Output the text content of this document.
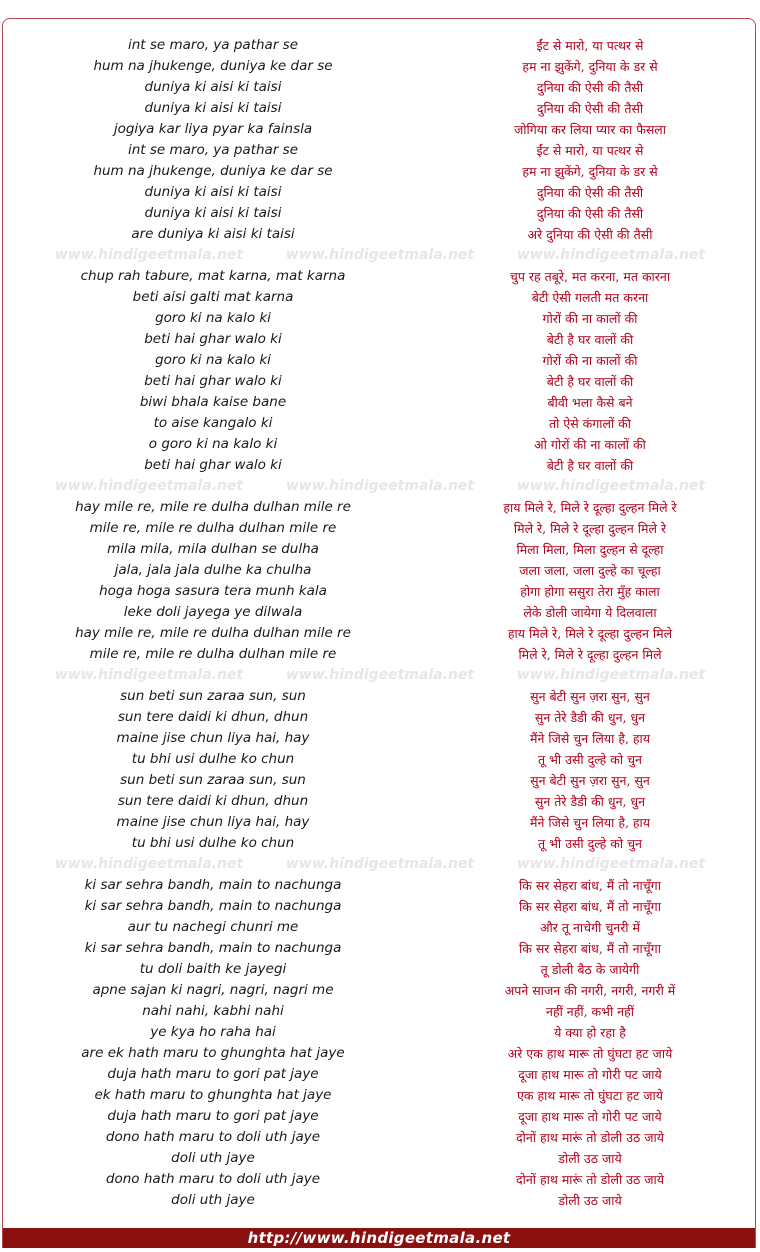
int se maro, ya pathar se	ईंट से मारो, या पत्थर से
hum na jhukenge, duniya ke dar se	हम ना झुकेंगे, दुनिया के डर से
duniya ki aisi ki taisi	दुनिया की ऐसी की तैसी
duniya ki aisi ki taisi	दुनिया की ऐसी की तैसी
jogiya kar liya pyar ka fainsla	जोगिया कर लिया प्यार का फैसला
int se maro, ya pathar se	ईंट से मारो, या पत्थर से
hum na jhukenge, duniya ke dar se	हम ना झुकेंगे, दुनिया के डर से
duniya ki aisi ki taisi	दुनिया की ऐसी की तैसी
duniya ki aisi ki taisi	दुनिया की ऐसी की तैसी
are duniya ki aisi ki taisi	अरे दुनिया की ऐसी की तैसी
www.hindigeetmala.net	www.hindigeetmala.net	www.hindigeetmala.net
chup rah tabure, mat karna, mat karna	चुप रह तबूरे, मत करना, मत कारना
beti aisi galti mat karna	बेटी ऐसी गलती मत करना
goro ki na kalo ki	गोरों की ना कालों की
beti hai ghar walo ki	बेटी है घर वालों की
goro ki na kalo ki	गोरों की ना कालों की
beti hai ghar walo ki	बेटी है घर वालों की
biwi bhala kaise bane	बीवी भला कैसे बने
to aise kangalo ki	तो ऐसे कंगालों की
o goro ki na kalo ki	ओ गोरों की ना कालों की
beti hai ghar walo ki	बेटी है घर वालों की
www.hindigeetmala.net	www.hindigeetmala.net	www.hindigeetmala.net
hay mile re, mile re dulha dulhan mile re	हाय मिले रे, मिले रे दूल्हा दुल्हन मिले रे
mile re, mile re dulha dulhan mile re	मिले रे, मिले रे दूल्हा दुल्हन मिले रे
mila mila, mila dulhan se dulha	मिला मिला, मिला दुल्हन से दूल्हा
jala, jala jala dulhe ka chulha	जला जला, जला दुल्हे का चूल्हा
hoga hoga sasura tera munh kala	होगा होगा ससुरा तेरा मुँह काला
leke doli jayega ye dilwala	लेके डोली जायेगा ये दिलवाला
hay mile re, mile re dulha dulhan mile re	हाय मिले रे, मिले रे दूल्हा दुल्हन मिले
mile re, mile re dulha dulhan mile re	मिले रे, मिले रे दूल्हा दुल्हन मिले
www.hindigeetmala.net	www.hindigeetmala.net	www.hindigeetmala.net
sun beti sun zaraa sun, sun	सुन बेटी सुन ज़रा सुन, सुन
sun tere daidi ki dhun, dhun	सुन तेरे डैडी की धुन, धुन
maine jise chun liya hai, hay	मैंने जिसे चुन लिया है, हाय
tu bhi usi dulhe ko chun	तू भी उसी दुल्हे को चुन
sun beti sun zaraa sun, sun	सुन बेटी सुन ज़रा सुन, सुन
sun tere daidi ki dhun, dhun	सुन तेरे डैडी की धुन, धुन
maine jise chun liya hai, hay	मैंने जिसे चुन लिया है, हाय
tu bhi usi dulhe ko chun	तू भी उसी दुल्हे को चुन
www.hindigeetmala.net	www.hindigeetmala.net	www.hindigeetmala.net
ki sar sehra bandh, main to nachunga	कि सर सेहरा बांध, मैं तो नाचूँगा
ki sar sehra bandh, main to nachunga	कि सर सेहरा बांध, मैं तो नाचूँगा
aur tu nachegi chunri me	और तू नाचेगी चुनरी में
ki sar sehra bandh, main to nachunga	कि सर सेहरा बांध, मैं तो नाचूँगा
tu doli baith ke jayegi	तू डोली बैठ के जायेगी
apne sajan ki nagri, nagri, nagri me	अपने साजन की नगरी, नगरी, नगरी में
nahi nahi, kabhi nahi	नहीं नहीं, कभी नहीं
ye kya ho raha hai	ये क्या हो रहा है
are ek hath maru to ghunghta hat jaye	अरे एक हाथ मारू तो घुंघटा हट जाये
duja hath maru to gori pat jaye	दूजा हाथ मारू तो गोरी पट जाये
ek hath maru to ghunghta hat jaye	एक हाथ मारू तो घुंघटा हट जाये
duja hath maru to gori pat jaye	दूजा हाथ मारू तो गोरी पट जाये
dono hath maru to doli uth jaye	दोनों हाथ मारूं तो डोली उठ जाये
doli uth jaye	डोली उठ जाये
dono hath maru to doli uth jaye	दोनों हाथ मारूं तो डोली उठ जाये
doli uth jaye	डोली उठ जाये
http://www.hindigeetmala.net
